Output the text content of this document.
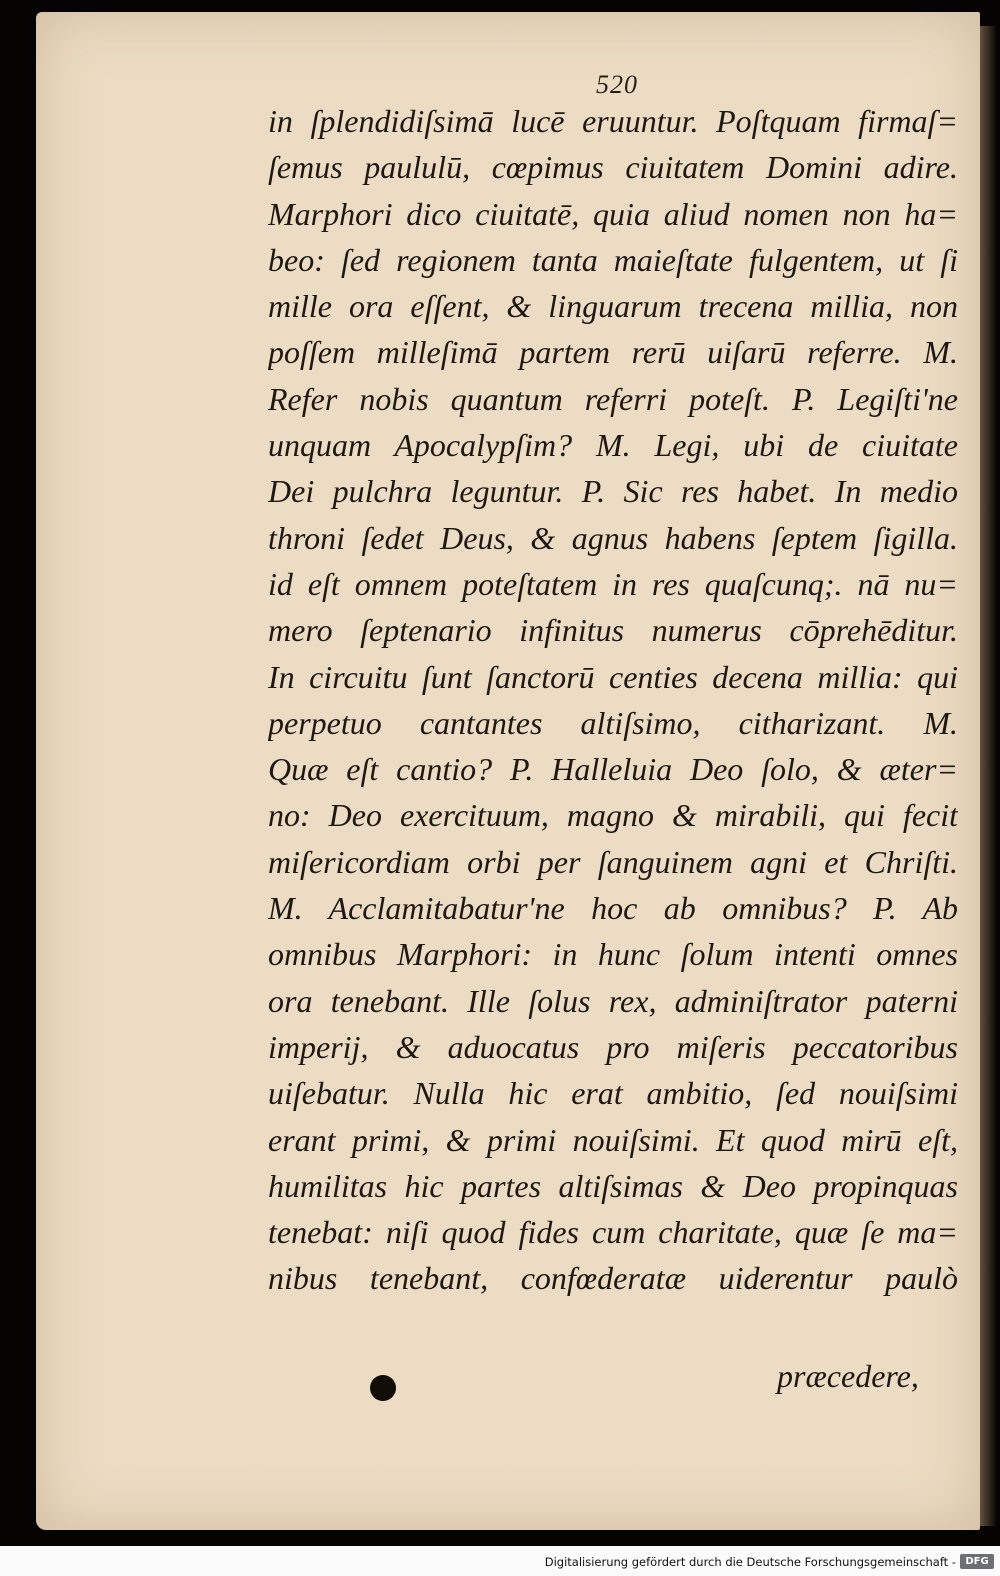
520
in ſplendidiſsimā lucē eruuntur. Poſtquam firmaſ=
ſemus paululū, cœpimus ciuitatem Domini adire.
Marphori dico ciuitatē, quia aliud nomen non ha=
beo: ſed regionem tanta maieſtate fulgentem, ut ſi
mille ora eſſent, & linguarum trecena millia, non
poſſem milleſimā partem rerū uiſarū referre. M.
Refer nobis quantum referri poteſt. P. Legiſti'ne
unquam Apocalypſim? M. Legi, ubi de ciuitate
Dei pulchra leguntur. P. Sic res habet. In medio
throni ſedet Deus, & agnus habens ſeptem ſigilla.
id eſt omnem poteſtatem in res quaſcunq;. nā nu=
mero ſeptenario infinitus numerus cōprehēditur.
In circuitu ſunt ſanctorū centies decena millia: qui
perpetuo cantantes altiſsimo, citharizant. M.
Quæ eſt cantio? P. Halleluia Deo ſolo, & æter=
no: Deo exercituum, magno & mirabili, qui fecit
miſericordiam orbi per ſanguinem agni et Chriſti.
M. Acclamitabatur'ne hoc ab omnibus? P. Ab
omnibus Marphori: in hunc ſolum intenti omnes
ora tenebant. Ille ſolus rex, adminiſtrator paterni
imperij, & aduocatus pro miſeris peccatoribus
uiſebatur. Nulla hic erat ambitio, ſed nouiſsimi
erant primi, & primi nouiſsimi. Et quod mirū eſt,
humilitas hic partes altiſsimas & Deo propinquas
tenebat: niſi quod fides cum charitate, quæ ſe ma=
nibus tenebant, confœderatæ uiderentur paulò
præcedere,
Digitalisierung gefördert durch die Deutsche Forschungsgemeinschaft - DFG
